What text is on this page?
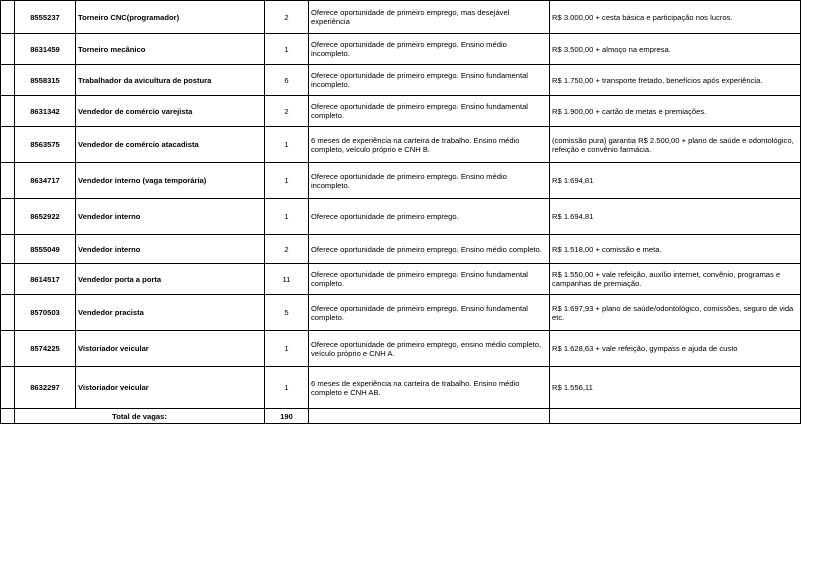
	8555237	Torneiro CNC(programador)	2	Oferece oportunidade de primeiro emprego, mas desejável experiência	R$ 3.000,00 + cesta básica e participação nos lucros.
	8631459	Torneiro mecânico	1	Oferece oportunidade de primeiro emprego. Ensino médio incompleto.	R$ 3.500,00 + almoço na empresa.
	8558315	Trabalhador da avicultura de postura	6	Oferece oportunidade de primeiro emprego. Ensino fundamental incompleto.	R$ 1.750,00 + transporte fretado, benefícios após experiência.
	8631342	Vendedor de comércio varejista	2	Oferece oportunidade de primeiro emprego. Ensino fundamental completo.	R$ 1.900,00 + cartão de metas e premiações.
	8563575	Vendedor de comércio atacadista	1	6 meses de experiência na carteira de trabalho. Ensino médio completo, veículo próprio e CNH B.	(comissão pura) garantia R$ 2.500,00 + plano de saúde e odontológico, refeição e convênio farmácia.
	8634717	Vendedor interno (vaga temporária)	1	Oferece oportunidade de primeiro emprego. Ensino médio incompleto.	R$ 1.694,81
	8652922	Vendedor interno	1	Oferece oportunidade de primeiro emprego.	R$ 1.694,81
	8555049	Vendedor interno	2	Oferece oportunidade de primeiro emprego. Ensino médio completo.	R$ 1.518,00 + comissão e meta.
	8614517	Vendedor porta a porta	11	Oferece oportunidade de primeiro emprego. Ensino fundamental completo.	R$ 1.550,00 + vale refeição, auxílio internet, convênio, programas e campanhas de premiação.
	8570503	Vendedor pracista	5	Oferece oportunidade de primeiro emprego. Ensino fundamental completo.	R$ 1.697,93 + plano de saúde/odontológico, comissões, seguro de vida etc.
	8574225	Vistoriador veicular	1	Oferece oportunidade de primeiro emprego, ensino médio completo, veículo próprio e CNH A.	R$ 1.628,63 + vale refeição, gympass e ajuda de custo
	8632297	Vistoriador veicular	1	6 meses de experiência na carteira de trabalho. Ensino médio completo e CNH AB.	R$ 1.556,11
	Total de vagas:		190		
